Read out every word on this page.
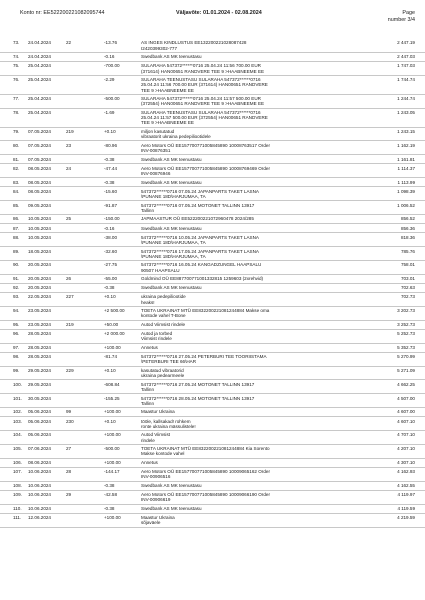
Konto nr: EE522200221082095744	Väljavõte: 01.01.2024 - 02.08.2024	Page
number 3/4
73. 24.04.2024	22	-13.76	2 447.19
AS INGES KINDLUSTUS EE132200221028087428
I2420399302-777
74. 24.04.2024	-0.16	2 447.03
Swedbank AS MK teenustasu
75. 25.04.2024	-700.00	1 747.03
SULARAHA 547372******0716 25.04.24 11:56 700.00 EUR
(371614) HAN00651 RANDVERE TEE 9 >HAABNEEME EE
76. 25.04.2024	-2.29	1 744.74
SULARAHA TEENUSTASU SULARAHA 547372******0716
25.04.24 11:56 700.00 EUR (371614) HAN00651 RANDVERE
TEE 9 >HAABNEEME EE
77. 25.04.2024	-500.00	1 244.74
SULARAHA 547372******0716 25.04.24 11:57 500.00 EUR
(372554) HAN00651 RANDVERE TEE 9 >HAABNEEME EE
78. 25.04.2024	-1.69	1 243.05
SULARAHA TEENUSTASU SULARAHA 547372******0716
25.04.24 11:57 500.00 EUR (372554) HAN00651 RANDVERE
TEE 9 >HAABNEEME EE
79. 07.05.2024	219	+0.10	1 243.15
miljon kasutatud
vibraatorit ukraina pedepiliootidele
80. 07.05.2024	23	-80.96	1 162.19
Aero Motors OÜ EE157700771005845890 10008763517 Order
INV-00876351
81. 07.05.2024	-0.38	1 161.81
Swedbank AS MK teenustasu
82. 08.05.2024	24	-47.44	1 114.37
Aero Motors OÜ EE157700771005845890 10008769469 Order
INV-00876946
83. 08.05.2024	-0.38	1 113.99
Swedbank AS MK teenustasu
84. 08.05.2024	-15.60	1 098.39
547372******0716 07.05.24 JAPANPARTS TAKET LASNA
\PUNANE 18D\HARJUMAA, TA
85. 09.05.2024	-91.87	1 006.52
547372******0716 07.05.24 MOTONET TALLINN 13917
Tallinn
86. 10.05.2024	25	-150.00	856.52
JAPMAASTUR OÜ EE522200221072960478 2024/285
87. 10.05.2024	-0.16	856.36
Swedbank AS MK teenustasu
88. 10.05.2024	-38.00	818.36
547372******0716 10.05.24 JAPANPARTS TAKET LASNA
\PUNANE 18D\HARJUMAA, TA
89. 18.05.2024	-32.60	785.76
547372******0716 17.05.24 JAPANPARTS TAKET LASNA
\PUNANE 18D\HARJUMAA, TA
90. 20.05.2024	-27.75	758.01
547372******0716 16.05.24 KANGADZUNGEL HAAPSALU
90507 HAAPSALU
91. 20.05.2024	26	-55.00	703.01
Goldmind OÜ EE887700771001332815 1259603 (2xrehvid)
92. 20.05.2024	-0.38	702.63
Swedbank AS MK teenustasu
93. 22.05.2024	227	+0.10	702.73
ukraina pedepiliootide
heaks!
94. 23.05.2024	+2 500.00	3 202.73
TOETA UKRAINAT MTÜ EE832200221081244884 Makse oma
kontode vahel T-Bone
95. 23.05.2024	219	+50.00	3 252.73
Autod Viimsist rindele
96. 28.05.2024	+2 000.00	5 252.73
Autod ja torbed
Viimsist rindele
97. 28.05.2024	+100.00	5 352.73
Annetus
98. 28.05.2024	-81.74	5 270.99
547372******0716 27.05.24 PETERBURI TEE TOORIISTAMA
\PETERBURI TEE 66\HAR
99. 29.05.2024	229	+0.10	5 271.09
kasutatud vibraatorid
ukraina pedearmeele
100. 29.05.2024	-608.84	4 662.25
547372******0716 27.05.24 MOTONET TALLINN 13917
Tallinn
101. 30.05.2024	-155.25	4 507.00
547372******0716 28.05.24 MOTONET TALLINN 13917
Tallinn
102. 05.06.2024	99	+100.00	4 607.00
Maastur Ukraina
103. 05.06.2024	230	+0.10	4 607.10
tööle, kallsakad! rohkem
ronte ukraina mässulistele!
104. 05.06.2024	+100.00	4 707.10
Autod Viimsist
rindele
105. 07.06.2024	27	-500.00	4 207.10
TOETA UKRAINAT MTÜ EE832200221081244884 Kia Sorento
Makse kontode vahel
106. 08.06.2024	+100.00	4 307.10
Annetus
107. 10.06.2024	28	-144.17	4 162.93
Aero Motors OÜ EE157700771005845890 10009065162 Order
INV-00906516
108. 10.06.2024	-0.38	4 162.55
Swedbank AS MK teenustasu
109. 10.06.2024	29	-42.58	4 119.97
Aero Motors OÜ EE157700771005845890 10009066190 Order
INV-00906619
110. 10.06.2024	-0.38	4 119.59
Swedbank AS MK teenustasu
111. 12.06.2024	+100.00	4 219.59
Maastur Ukraina
sõjaväele
